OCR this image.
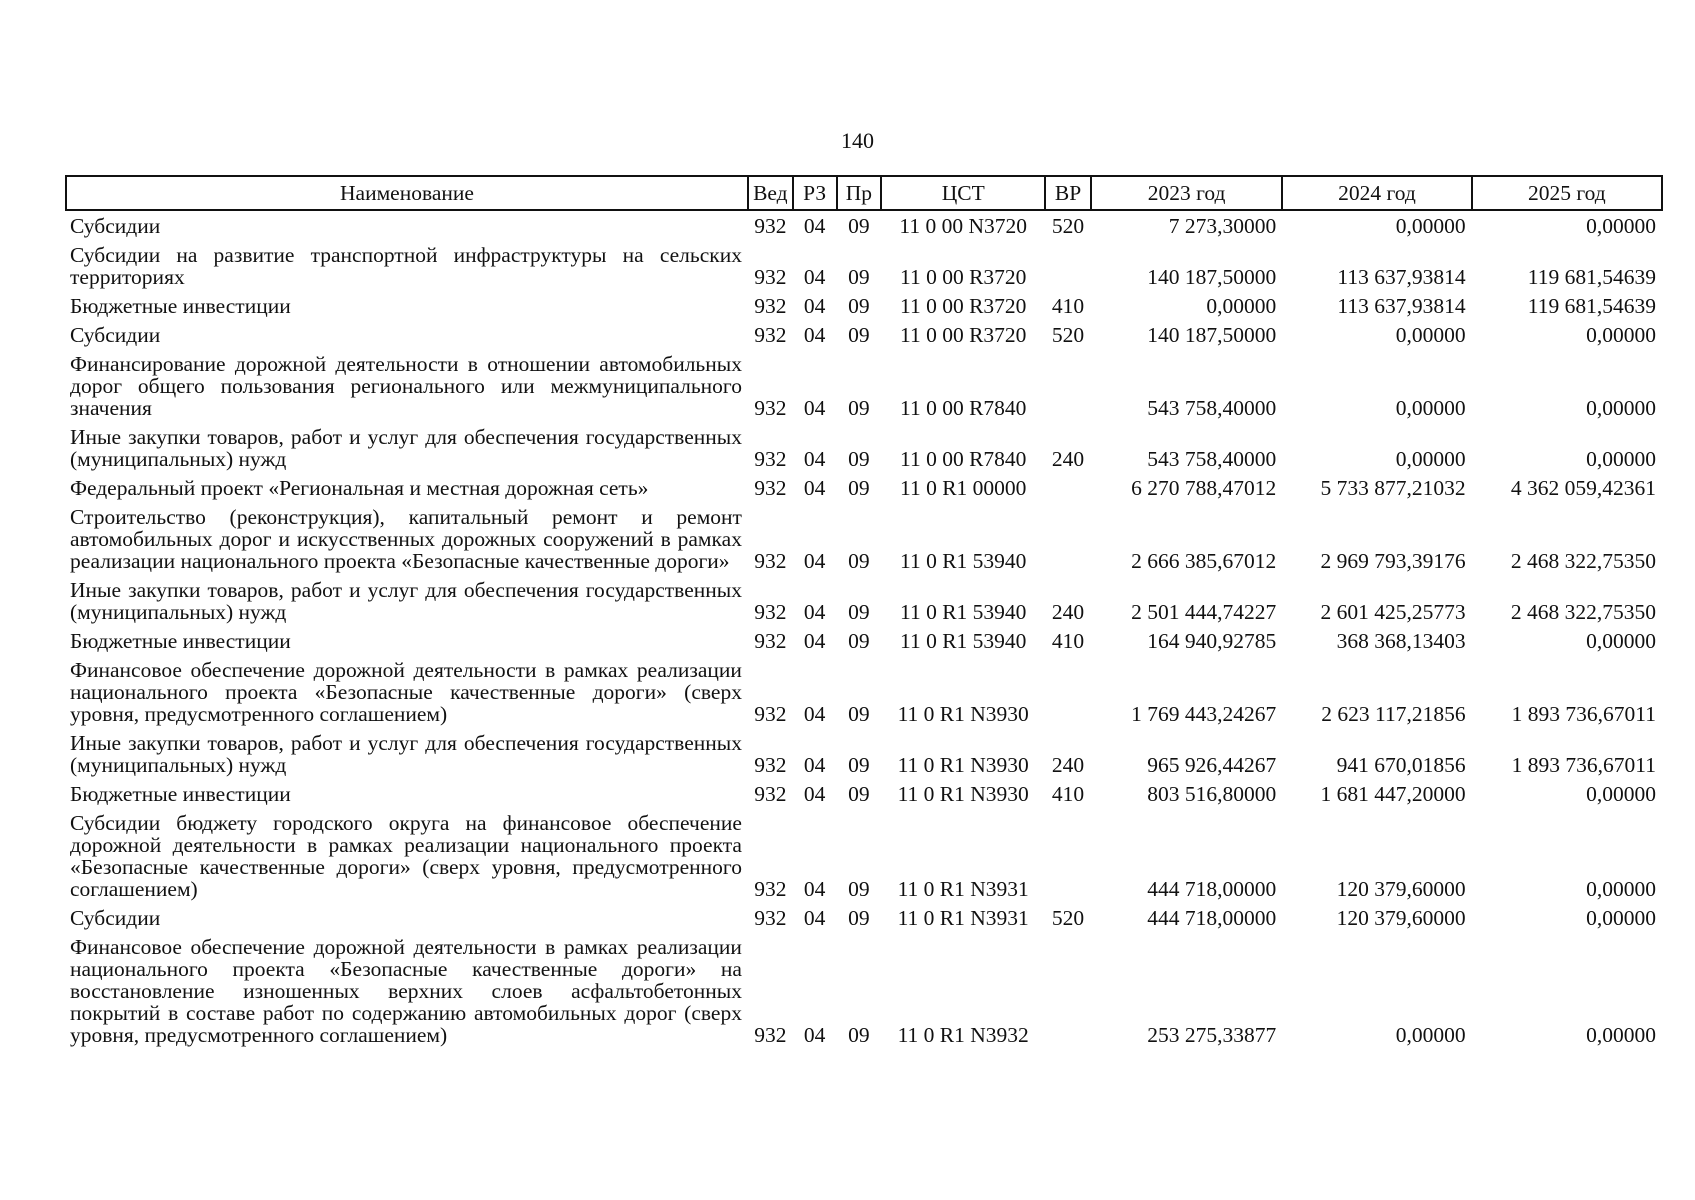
140
Наименование	Вед	РЗ	Пр	ЦСТ	ВР	2023 год	2024 год	2025 год
Субсидии	932	04	09	11 0 00 N3720	520	7 273,30000	0,00000	0,00000
Субсидии на развитие транспортной инфраструктуры на сельских территориях	932	04	09	11 0 00 R3720		140 187,50000	113 637,93814	119 681,54639
Бюджетные инвестиции	932	04	09	11 0 00 R3720	410	0,00000	113 637,93814	119 681,54639
Субсидии	932	04	09	11 0 00 R3720	520	140 187,50000	0,00000	0,00000
Финансирование дорожной деятельности в отношении автомобильных дорог общего пользования регионального или межмуниципального значения	932	04	09	11 0 00 R7840		543 758,40000	0,00000	0,00000
Иные закупки товаров, работ и услуг для обеспечения государственных (муниципальных) нужд	932	04	09	11 0 00 R7840	240	543 758,40000	0,00000	0,00000
Федеральный проект «Региональная и местная дорожная сеть»	932	04	09	11 0 R1 00000		6 270 788,47012	5 733 877,21032	4 362 059,42361
Строительство (реконструкция), капитальный ремонт и ремонт автомобильных дорог и искусственных дорожных сооружений в рамках реализации национального проекта «Безопасные качественные дороги»	932	04	09	11 0 R1 53940		2 666 385,67012	2 969 793,39176	2 468 322,75350
Иные закупки товаров, работ и услуг для обеспечения государственных (муниципальных) нужд	932	04	09	11 0 R1 53940	240	2 501 444,74227	2 601 425,25773	2 468 322,75350
Бюджетные инвестиции	932	04	09	11 0 R1 53940	410	164 940,92785	368 368,13403	0,00000
Финансовое обеспечение дорожной деятельности в рамках реализации национального проекта «Безопасные качественные дороги» (сверх уровня, предусмотренного соглашением)	932	04	09	11 0 R1 N3930		1 769 443,24267	2 623 117,21856	1 893 736,67011
Иные закупки товаров, работ и услуг для обеспечения государственных (муниципальных) нужд	932	04	09	11 0 R1 N3930	240	965 926,44267	941 670,01856	1 893 736,67011
Бюджетные инвестиции	932	04	09	11 0 R1 N3930	410	803 516,80000	1 681 447,20000	0,00000
Субсидии бюджету городского округа на финансовое обеспечение дорожной деятельности в рамках реализации национального проекта «Безопасные качественные дороги» (сверх уровня, предусмотренного соглашением)	932	04	09	11 0 R1 N3931		444 718,00000	120 379,60000	0,00000
Субсидии	932	04	09	11 0 R1 N3931	520	444 718,00000	120 379,60000	0,00000
Финансовое обеспечение дорожной деятельности в рамках реализации национального проекта «Безопасные качественные дороги» на восстановление изношенных верхних слоев асфальтобетонных покрытий в составе работ по содержанию автомобильных дорог (сверх уровня, предусмотренного соглашением)	932	04	09	11 0 R1 N3932		253 275,33877	0,00000	0,00000
